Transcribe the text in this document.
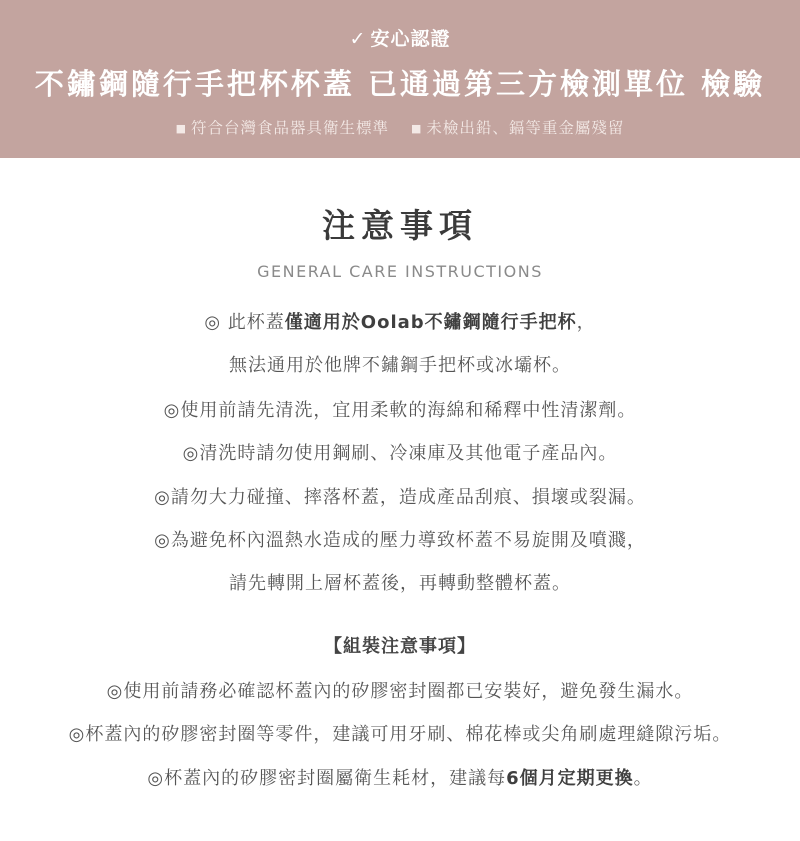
✓ 安心認證
不鏽鋼隨行手把杯杯蓋 已通過第三方檢測單位 檢驗
■ 符合台灣食品器具衛生標準 ■ 未檢出鉛、鎘等重金屬殘留
注意事項
GENERAL CARE INSTRUCTIONS
◎ 此杯蓋僅適用於Oolab不鏽鋼隨行手把杯，
無法通用於他牌不鏽鋼手把杯或冰壩杯。
◎使用前請先清洗，宜用柔軟的海綿和稀釋中性清潔劑。
◎清洗時請勿使用鋼刷、冷凍庫及其他電子產品內。
◎請勿大力碰撞、摔落杯蓋，造成產品刮痕、損壞或裂漏。
◎為避免杯內溫熱水造成的壓力導致杯蓋不易旋開及噴濺，
請先轉開上層杯蓋後，再轉動整體杯蓋。
【組裝注意事項】
◎使用前請務必確認杯蓋內的矽膠密封圈都已安裝好，避免發生漏水。
◎杯蓋內的矽膠密封圈等零件，建議可用牙刷、棉花棒或尖角刷處理縫隙污垢。
◎杯蓋內的矽膠密封圈屬衛生耗材，建議每6個月定期更換。
